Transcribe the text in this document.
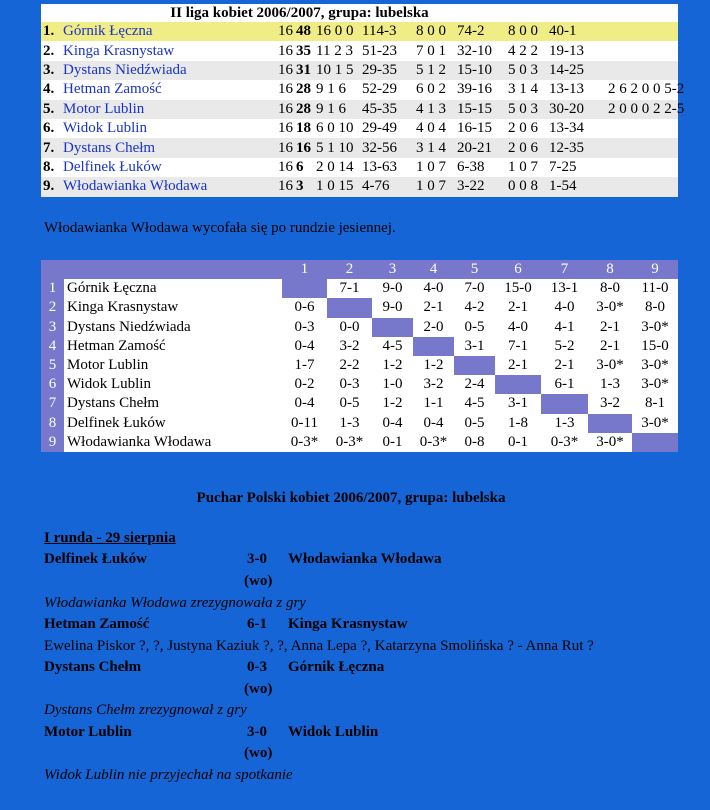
II liga kobiet 2006/2007, grupa: lubelska
1.	Górnik Łęczna	16	48	16 0 0	114-3	8 0 0	74-2	8 0 0	40-1	
2.	Kinga Krasnystaw	16	35	11 2 3	51-23	7 0 1	32-10	4 2 2	19-13	
3.	Dystans Niedźwiada	16	31	10 1 5	29-35	5 1 2	15-10	5 0 3	14-25	
4.	Hetman Zamość	16	28	9 1 6	52-29	6 0 2	39-16	3 1 4	13-13	2 6 2 0 0 5-2
5.	Motor Lublin	16	28	9 1 6	45-35	4 1 3	15-15	5 0 3	30-20	2 0 0 0 2 2-5
6.	Widok Lublin	16	18	6 0 10	29-49	4 0 4	16-15	2 0 6	13-34	
7.	Dystans Chełm	16	16	5 1 10	32-56	3 1 4	20-21	2 0 6	12-35	
8.	Delfinek Łuków	16	6	2 0 14	13-63	1 0 7	6-38	1 0 7	7-25	
9.	Włodawianka Włodawa	16	3	1 0 15	4-76	1 0 7	3-22	0 0 8	1-54	
Włodawianka Włodawa wycofała się po rundzie jesiennej.
		1	2	3	4	5	6	7	8	9
1	Górnik Łęczna		7-1	9-0	4-0	7-0	15-0	13-1	8-0	11-0
2	Kinga Krasnystaw	0-6		9-0	2-1	4-2	2-1	4-0	3-0*	8-0
3	Dystans Niedźwiada	0-3	0-0		2-0	0-5	4-0	4-1	2-1	3-0*
4	Hetman Zamość	0-4	3-2	4-5		3-1	7-1	5-2	2-1	15-0
5	Motor Lublin	1-7	2-2	1-2	1-2		2-1	2-1	3-0*	3-0*
6	Widok Lublin	0-2	0-3	1-0	3-2	2-4		6-1	1-3	3-0*
7	Dystans Chełm	0-4	0-5	1-2	1-1	4-5	3-1		3-2	8-1
8	Delfinek Łuków	0-11	1-3	0-4	0-4	0-5	1-8	1-3		3-0*
9	Włodawianka Włodawa	0-3*	0-3*	0-1	0-3*	0-8	0-1	0-3*	3-0*	
Puchar Polski kobiet 2006/2007, grupa: lubelska
I runda - 29 sierpnia
Delfinek Łuków	3-0 Włodawianka Włodawa
(wo)
Włodawianka Włodawa zrezygnowała z gry
Hetman Zamość	6-1 Kinga Krasnystaw
Ewelina Piskor ?, ?, Justyna Kaziuk ?, ?, Anna Lepa ?, Katarzyna Smolińska ? - Anna Rut ?
Dystans Chełm	0-3 Górnik Łęczna
(wo)
Dystans Chełm zrezygnował z gry
Motor Lublin	3-0 Widok Lublin
(wo)
Widok Lublin nie przyjechał na spotkanie
